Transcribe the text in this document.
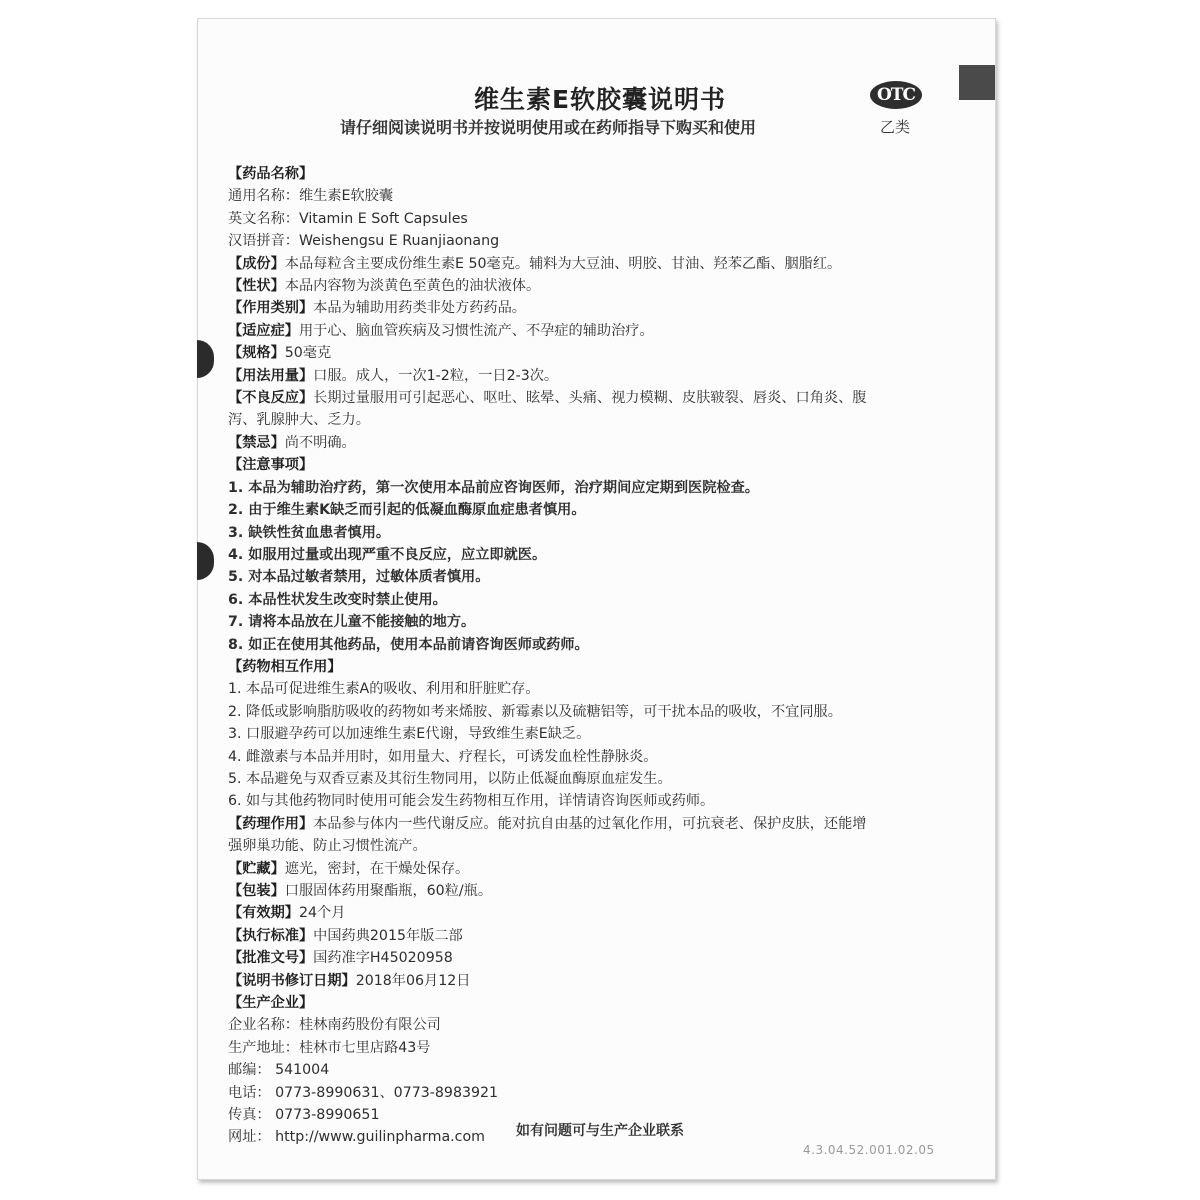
维生素E软胶囊说明书
请仔细阅读说明书并按说明使用或在药师指导下购买和使用
OTC
乙类
【药品名称】
通用名称：维生素E软胶囊
英文名称：Vitamin E Soft Capsules
汉语拼音：Weishengsu E Ruanjiaonang
【成份】本品每粒含主要成份维生素E 50毫克。辅料为大豆油、明胶、甘油、羟苯乙酯、胭脂红。
【性状】本品内容物为淡黄色至黄色的油状液体。
【作用类别】本品为辅助用药类非处方药药品。
【适应症】用于心、脑血管疾病及习惯性流产、不孕症的辅助治疗。
【规格】50毫克
【用法用量】口服。成人，一次1-2粒，一日2-3次。
【不良反应】长期过量服用可引起恶心、呕吐、眩晕、头痛、视力模糊、皮肤皲裂、唇炎、口角炎、腹
泻、乳腺肿大、乏力。
【禁忌】尚不明确。
【注意事项】
1. 本品为辅助治疗药，第一次使用本品前应咨询医师，治疗期间应定期到医院检查。
2. 由于维生素K缺乏而引起的低凝血酶原血症患者慎用。
3. 缺铁性贫血患者慎用。
4. 如服用过量或出现严重不良反应，应立即就医。
5. 对本品过敏者禁用，过敏体质者慎用。
6. 本品性状发生改变时禁止使用。
7. 请将本品放在儿童不能接触的地方。
8. 如正在使用其他药品，使用本品前请咨询医师或药师。
【药物相互作用】
1. 本品可促进维生素A的吸收、利用和肝脏贮存。
2. 降低或影响脂肪吸收的药物如考来烯胺、新霉素以及硫糖铝等，可干扰本品的吸收，不宜同服。
3. 口服避孕药可以加速维生素E代谢，导致维生素E缺乏。
4. 雌激素与本品并用时，如用量大、疗程长，可诱发血栓性静脉炎。
5. 本品避免与双香豆素及其衍生物同用，以防止低凝血酶原血症发生。
6. 如与其他药物同时使用可能会发生药物相互作用，详情请咨询医师或药师。
【药理作用】本品参与体内一些代谢反应。能对抗自由基的过氧化作用，可抗衰老、保护皮肤，还能增
强卵巢功能、防止习惯性流产。
【贮藏】遮光，密封，在干燥处保存。
【包装】口服固体药用聚酯瓶，60粒/瓶。
【有效期】24个月
【执行标准】中国药典2015年版二部
【批准文号】国药准字H45020958
【说明书修订日期】2018年06月12日
【生产企业】
企业名称：桂林南药股份有限公司
生产地址：桂林市七里店路43号
邮编： 541004
电话： 0773-8990631、0773-8983921
传真： 0773-8990651
网址： http://www.guilinpharma.com	如有问题可与生产企业联系
4.3.04.52.001.02.05
